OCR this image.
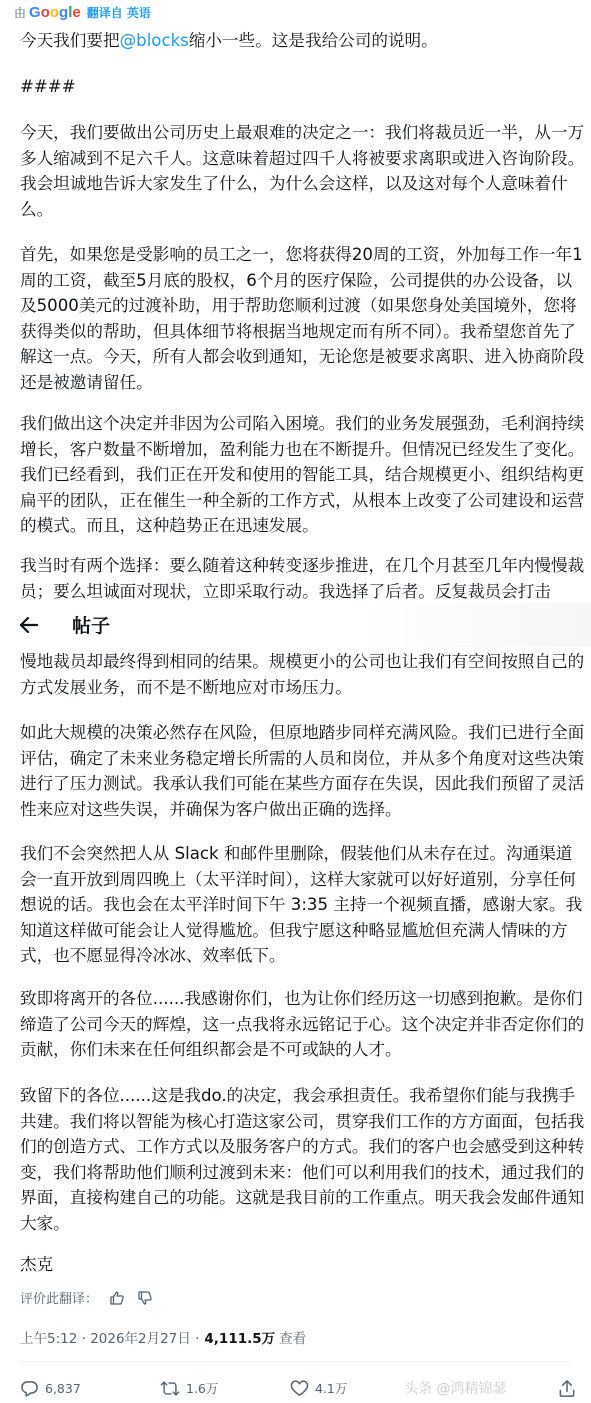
由 Google 翻译自 英语

今天我们要把@blocks缩小一些。这是我给公司的说明。

####

今天，我们要做出公司历史上最艰难的决定之一：我们将裁员近一半，从一万多人缩减到不足六千人。这意味着超过四千人将被要求离职或进入咨询阶段。我会坦诚地告诉大家发生了什么，为什么会这样，以及这对每个人意味着什么。

首先，如果您是受影响的员工之一，您将获得20周的工资，外加每工作一年1周的工资，截至5月底的股权，6个月的医疗保险，公司提供的办公设备，以及5000美元的过渡补助，用于帮助您顺利过渡（如果您身处美国境外，您将获得类似的帮助，但具体细节将根据当地规定而有所不同）。我希望您首先了解这一点。今天，所有人都会收到通知，无论您是被要求离职、进入协商阶段还是被邀请留任。

我们做出这个决定并非因为公司陷入困境。我们的业务发展强劲，毛利润持续增长，客户数量不断增加，盈利能力也在不断提升。但情况已经发生了变化。我们已经看到，我们正在开发和使用的智能工具，结合规模更小、组织结构更扁平的团队，正在催生一种全新的工作方式，从根本上改变了公司建设和运营的模式。而且，这种趋势正在迅速发展。

我当时有两个选择：要么随着这种转变逐步推进，在几个月甚至几年内慢慢裁员；要么坦诚面对现状，立即采取行动。我选择了后者。反复裁员会打击

帖子

慢地裁员却最终得到相同的结果。规模更小的公司也让我们有空间按照自己的方式发展业务，而不是不断地应对市场压力。

如此大规模的决策必然存在风险，但原地踏步同样充满风险。我们已进行全面评估，确定了未来业务稳定增长所需的人员和岗位，并从多个角度对这些决策进行了压力测试。我承认我们可能在某些方面存在失误，因此我们预留了灵活性来应对这些失误，并确保为客户做出正确的选择。

我们不会突然把人从 Slack 和邮件里删除，假装他们从未存在过。沟通渠道会一直开放到周四晚上（太平洋时间），这样大家就可以好好道别，分享任何想说的话。我也会在太平洋时间下午 3:35 主持一个视频直播，感谢大家。我知道这样做可能会让人觉得尴尬。但我宁愿这种略显尴尬但充满人情味的方式，也不愿显得冷冰冰、效率低下。

致即将离开的各位......我感谢你们，也为让你们经历这一切感到抱歉。是你们缔造了公司今天的辉煌，这一点我将永远铭记于心。这个决定并非否定你们的贡献，你们未来在任何组织都会是不可或缺的人才。

致留下的各位......这是我do.的决定，我会承担责任。我希望你们能与我携手共建。我们将以智能为核心打造这家公司，贯穿我们工作的方方面面，包括我们的创造方式、工作方式以及服务客户的方式。我们的客户也会感受到这种转变，我们将帮助他们顺利过渡到未来：他们可以利用我们的技术，通过我们的界面，直接构建自己的功能。这就是我目前的工作重点。明天我会发邮件通知大家。

杰克

评价此翻译：
上午5:12 · 2026年2月27日 · 4,111.5万 查看
6,837	1.6万	4.1万	头条 @鸿精锦瑟
